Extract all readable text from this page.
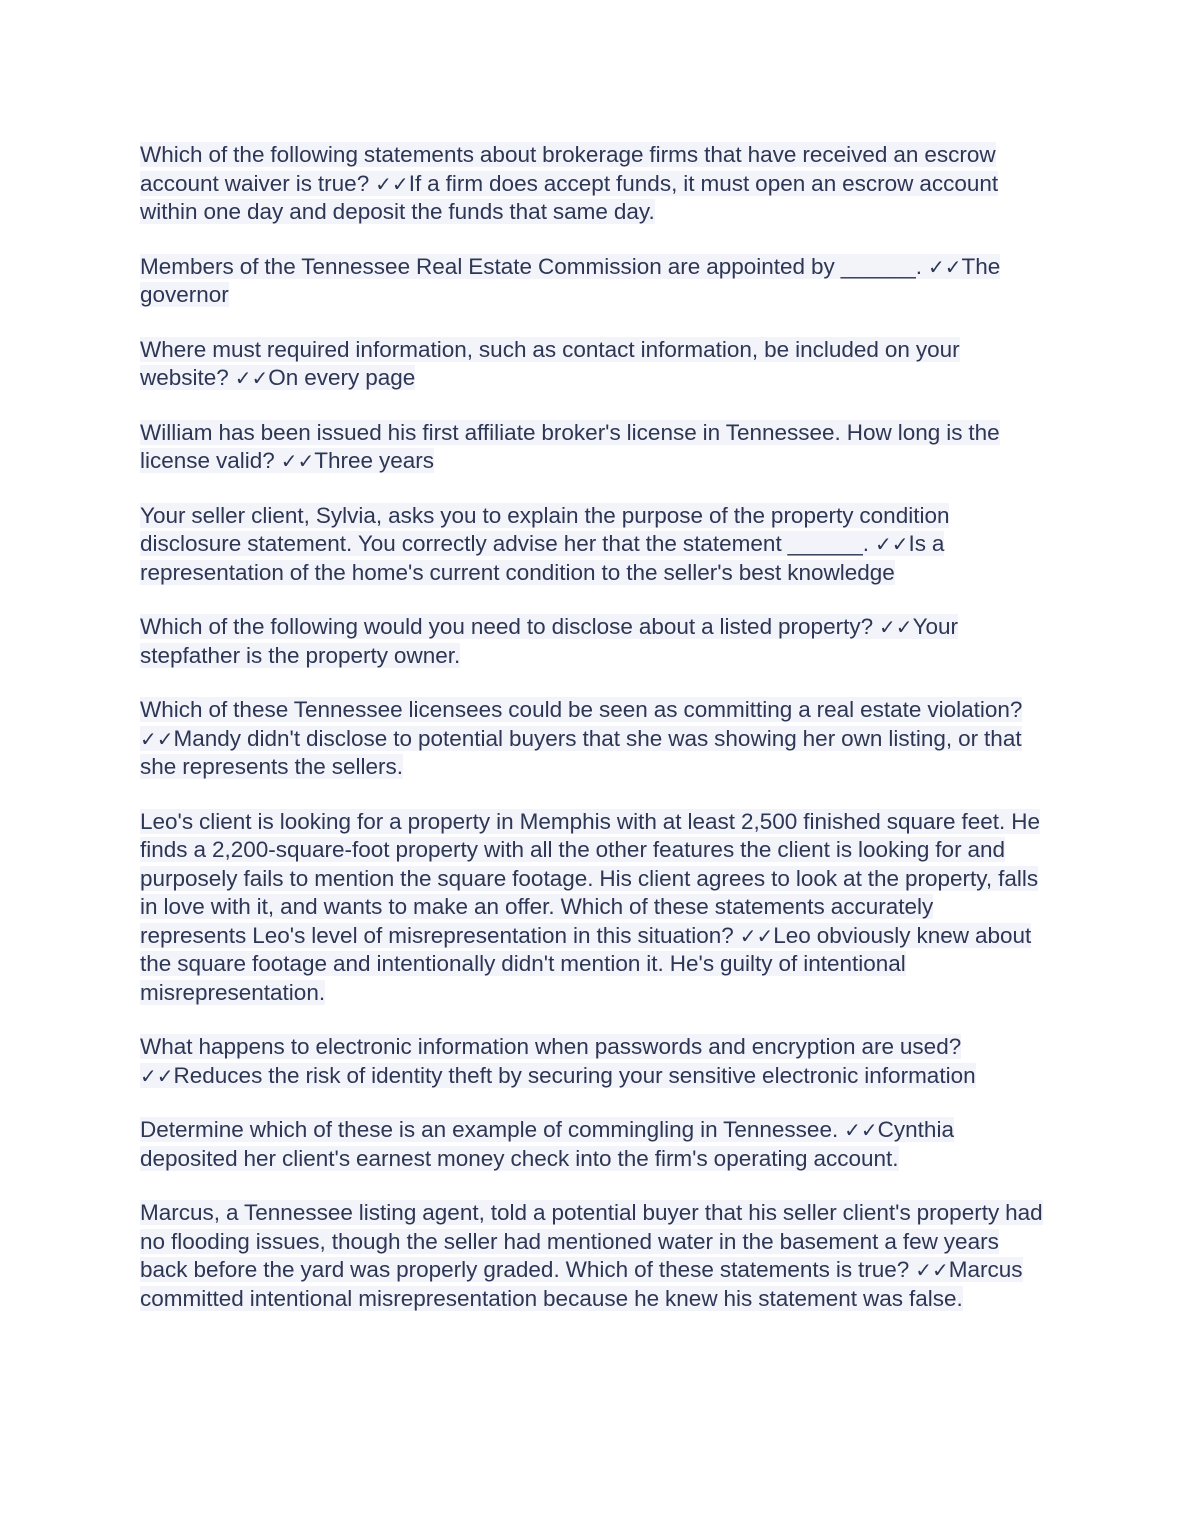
Which of the following statements about brokerage firms that have received an escrow account waiver is true? ✓✓If a firm does accept funds, it must open an escrow account within one day and deposit the funds that same day.

Members of the Tennessee Real Estate Commission are appointed by ______. ✓✓The governor

Where must required information, such as contact information, be included on your website? ✓✓On every page

William has been issued his first affiliate broker's license in Tennessee. How long is the license valid? ✓✓Three years

Your seller client, Sylvia, asks you to explain the purpose of the property condition disclosure statement. You correctly advise her that the statement ______. ✓✓Is a representation of the home's current condition to the seller's best knowledge

Which of the following would you need to disclose about a listed property? ✓✓Your stepfather is the property owner.

Which of these Tennessee licensees could be seen as committing a real estate violation? ✓✓Mandy didn't disclose to potential buyers that she was showing her own listing, or that she represents the sellers.

Leo's client is looking for a property in Memphis with at least 2,500 finished square feet. He finds a 2,200-square-foot property with all the other features the client is looking for and purposely fails to mention the square footage. His client agrees to look at the property, falls in love with it, and wants to make an offer. Which of these statements accurately represents Leo's level of misrepresentation in this situation? ✓✓Leo obviously knew about the square footage and intentionally didn't mention it. He's guilty of intentional misrepresentation.

What happens to electronic information when passwords and encryption are used? ✓✓Reduces the risk of identity theft by securing your sensitive electronic information

Determine which of these is an example of commingling in Tennessee. ✓✓Cynthia deposited her client's earnest money check into the firm's operating account.

Marcus, a Tennessee listing agent, told a potential buyer that his seller client's property had no flooding issues, though the seller had mentioned water in the basement a few years back before the yard was properly graded. Which of these statements is true? ✓✓Marcus committed intentional misrepresentation because he knew his statement was false.
